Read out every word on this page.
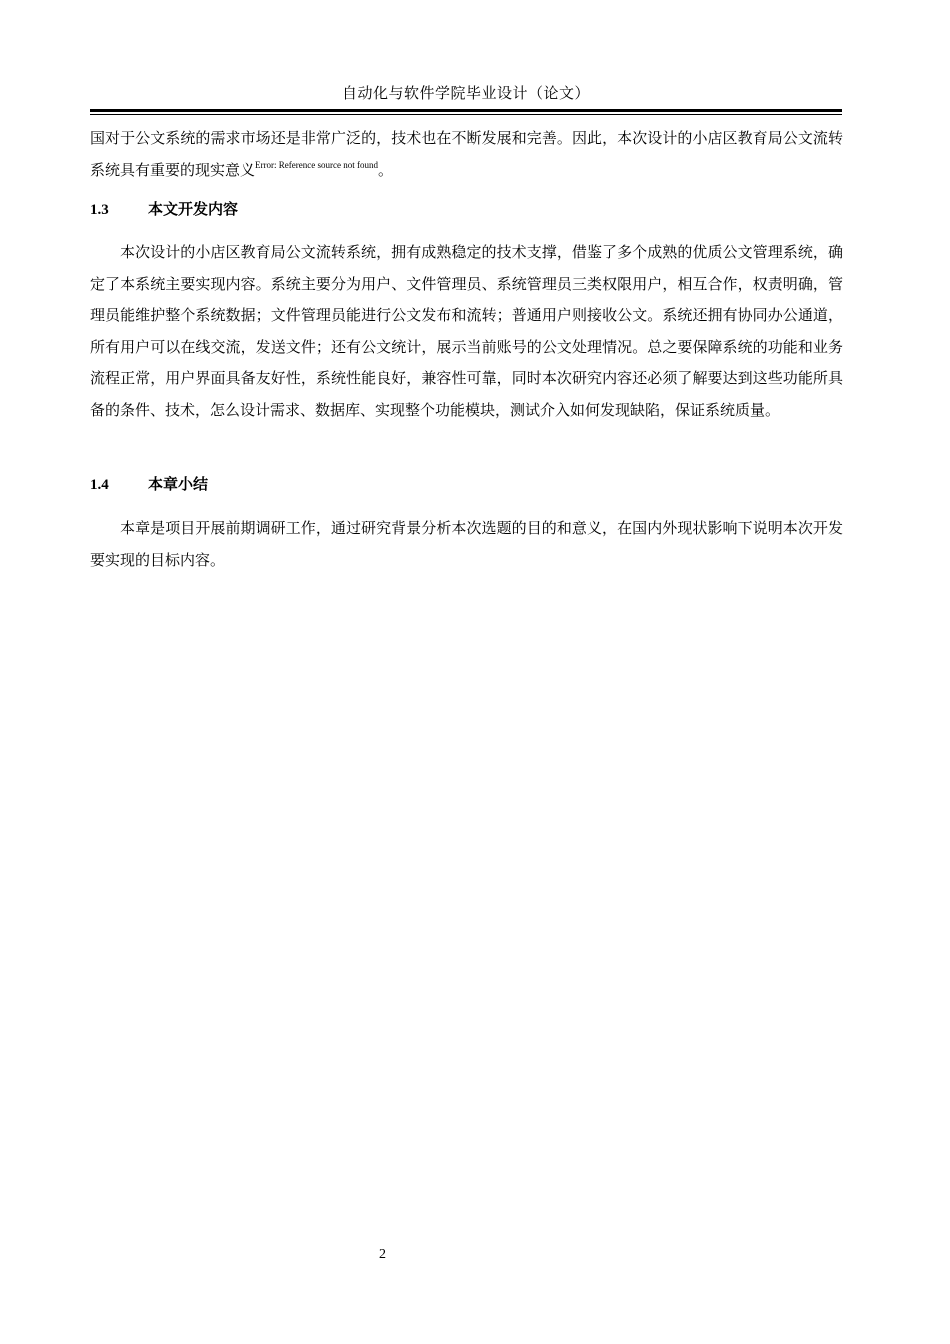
自动化与软件学院毕业设计（论文）

国对于公文系统的需求市场还是非常广泛的，技术也在不断发展和完善。因此，本次设计的小店区教育局公文流转系统具有重要的现实意义$^{Error: Reference source not found}$。

1.3	本文开发内容

本次设计的小店区教育局公文流转系统，拥有成熟稳定的技术支撑，借鉴了多个成熟的优质公文管理系统，确定了本系统主要实现内容。系统主要分为用户、文件管理员、系统管理员三类权限用户，相互合作，权责明确，管理员能维护整个系统数据；文件管理员能进行公文发布和流转；普通用户则接收公文。系统还拥有协同办公通道，所有用户可以在线交流，发送文件；还有公文统计，展示当前账号的公文处理情况。总之要保障系统的功能和业务流程正常，用户界面具备友好性，系统性能良好，兼容性可靠，同时本次研究内容还必须了解要达到这些功能所具备的条件、技术，怎么设计需求、数据库、实现整个功能模块，测试介入如何发现缺陷，保证系统质量。

1.4	本章小结

本章是项目开展前期调研工作，通过研究背景分析本次选题的目的和意义，在国内外现状影响下说明本次开发要实现的目标内容。

2
